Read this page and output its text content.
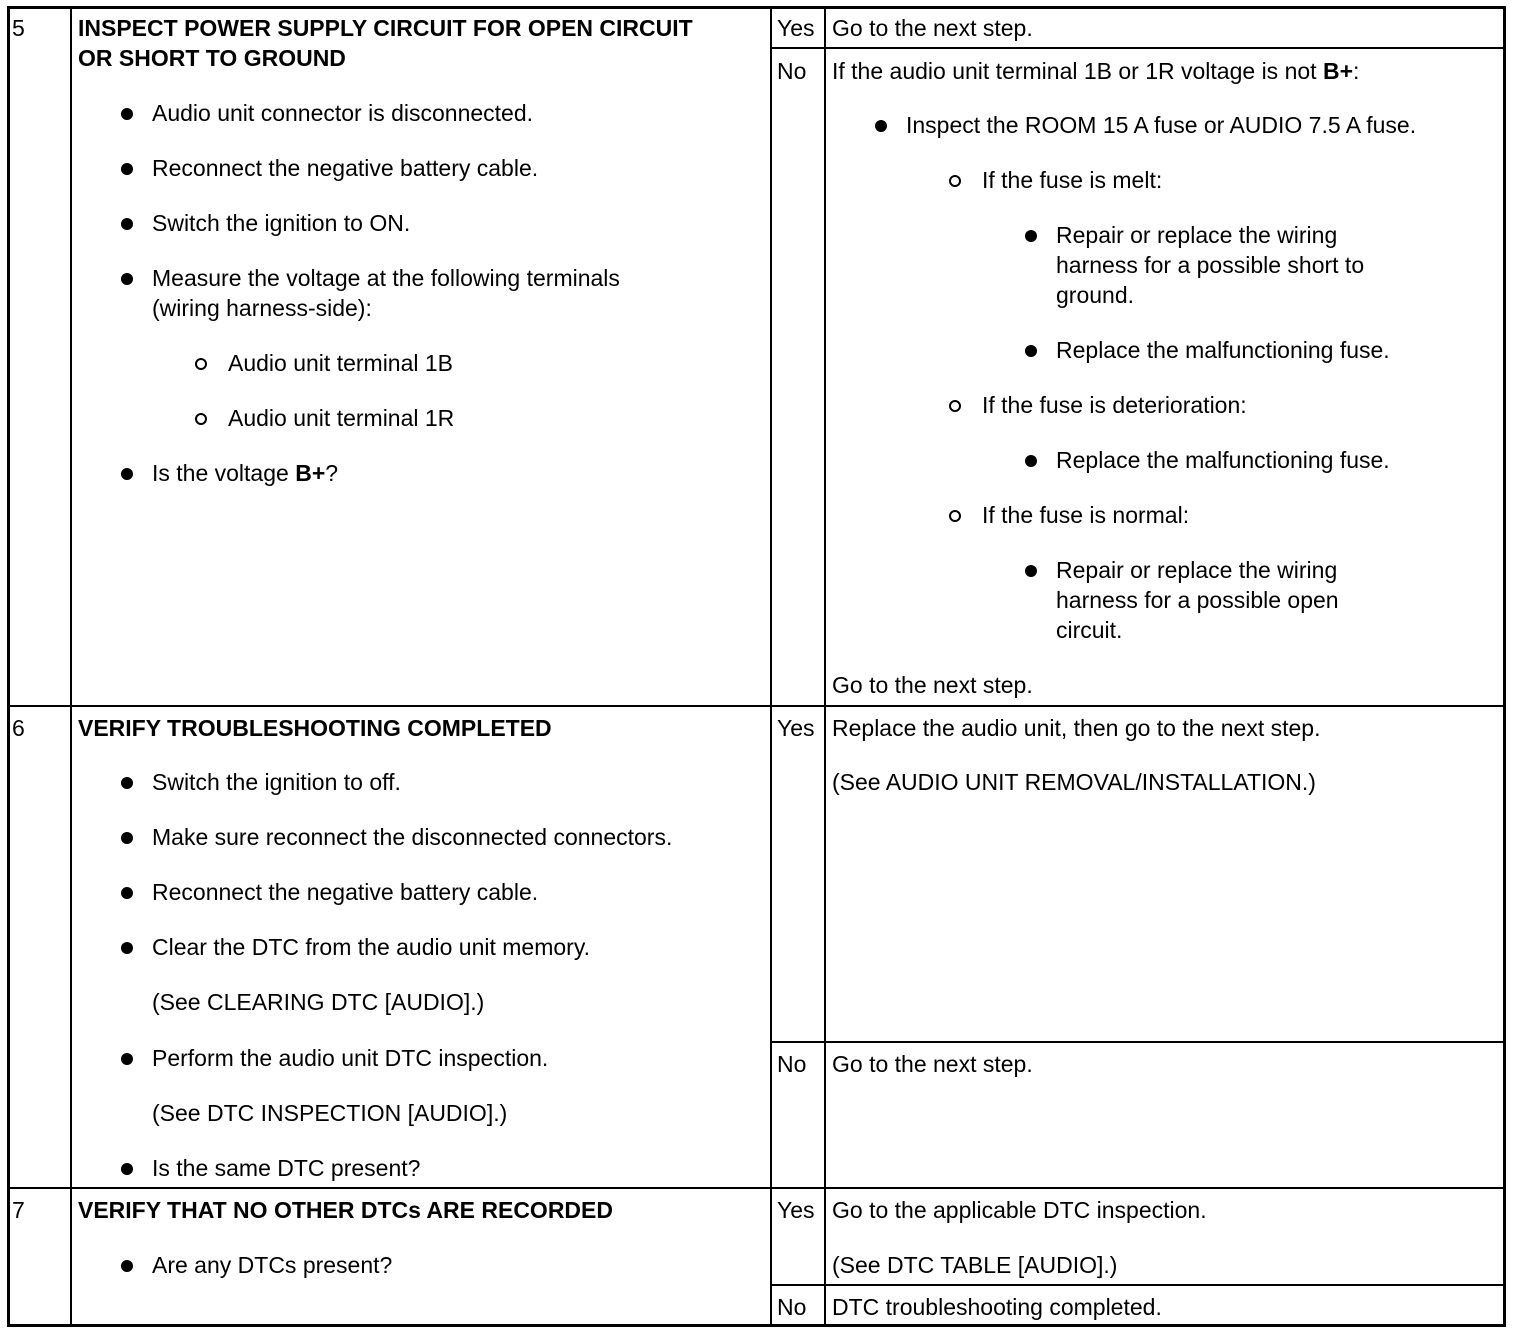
5 INSPECT POWER SUPPLY CIRCUIT FOR OPEN CIRCUIT
OR SHORT TO GROUND
Audio unit connector is disconnected.
Reconnect the negative battery cable.
Switch the ignition to ON.
Measure the voltage at the following terminals
(wiring harness-side):
Audio unit terminal 1B
Audio unit terminal 1R
Is the voltage B+?
Yes Go to the next step.
No If the audio unit terminal 1B or 1R voltage is not B+:
Inspect the ROOM 15 A fuse or AUDIO 7.5 A fuse.
If the fuse is melt:
Repair or replace the wiring
harness for a possible short to
ground.
Replace the malfunctioning fuse.
If the fuse is deterioration:
Replace the malfunctioning fuse.
If the fuse is normal:
Repair or replace the wiring
harness for a possible open
circuit.
Go to the next step.
6 VERIFY TROUBLESHOOTING COMPLETED
Switch the ignition to off.
Make sure reconnect the disconnected connectors.
Reconnect the negative battery cable.
Clear the DTC from the audio unit memory.
(See CLEARING DTC [AUDIO].)
Perform the audio unit DTC inspection.
(See DTC INSPECTION [AUDIO].)
Is the same DTC present?
Yes Replace the audio unit, then go to the next step.
(See AUDIO UNIT REMOVAL/INSTALLATION.)
No Go to the next step.
7 VERIFY THAT NO OTHER DTCs ARE RECORDED
Are any DTCs present?
Yes Go to the applicable DTC inspection.
(See DTC TABLE [AUDIO].)
No DTC troubleshooting completed.
